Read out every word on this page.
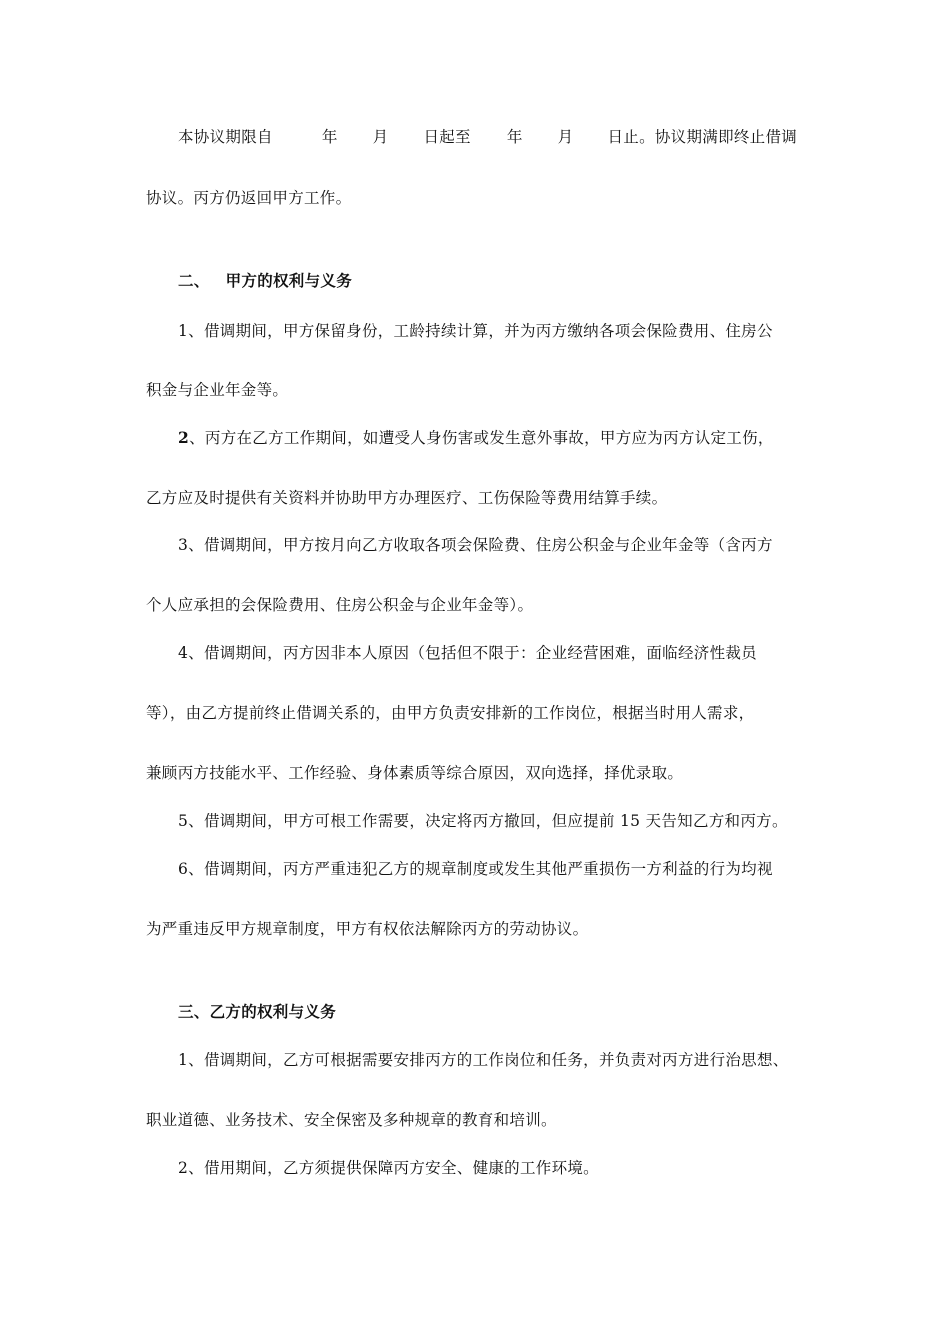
本协议期限自	年 月 日起至 年 月 日止。协议期满即终止借调
协议。丙方仍返回甲方工作。
二、 甲方的权利与义务
1、借调期间，甲方保留身份，工龄持续计算，并为丙方缴纳各项会保险费用、住房公
积金与企业年金等。
2、丙方在乙方工作期间，如遭受人身伤害或发生意外事故，甲方应为丙方认定工伤，
乙方应及时提供有关资料并协助甲方办理医疗、工伤保险等费用结算手续。
3、借调期间，甲方按月向乙方收取各项会保险费、住房公积金与企业年金等（含丙方
个人应承担的会保险费用、住房公积金与企业年金等）。
4、借调期间，丙方因非本人原因（包括但不限于：企业经营困难，面临经济性裁员
等），由乙方提前终止借调关系的，由甲方负责安排新的工作岗位，根据当时用人需求，
兼顾丙方技能水平、工作经验、身体素质等综合原因，双向选择，择优录取。
5、借调期间，甲方可根工作需要，决定将丙方撤回，但应提前 15 天告知乙方和丙方。
6、借调期间，丙方严重违犯乙方的规章制度或发生其他严重损伤一方利益的行为均视
为严重违反甲方规章制度，甲方有权依法解除丙方的劳动协议。
三、乙方的权利与义务
1、借调期间，乙方可根据需要安排丙方的工作岗位和任务，并负责对丙方进行治思想、
职业道德、业务技术、安全保密及多种规章的教育和培训。
2、借用期间，乙方须提供保障丙方安全、健康的工作环境。
